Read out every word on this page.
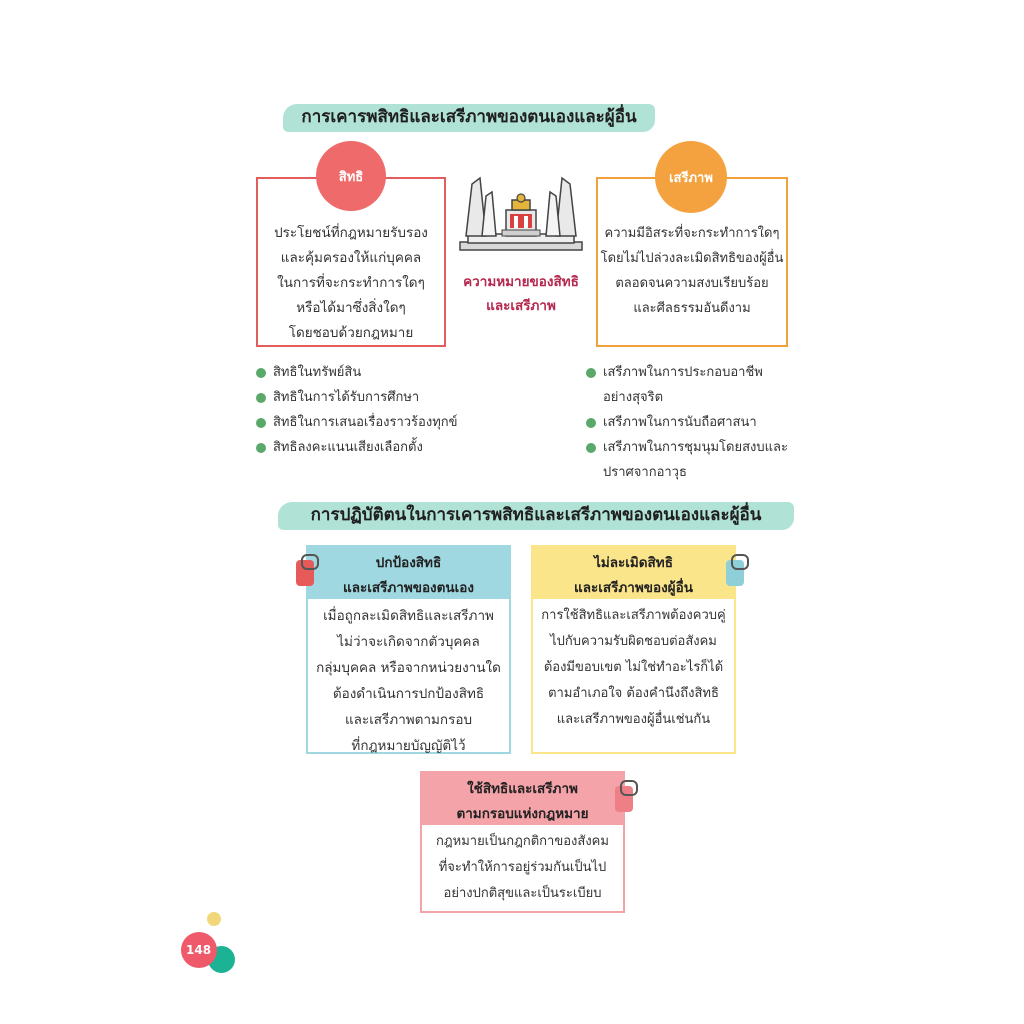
การเคารพสิทธิและเสรีภาพของตนเองและผู้อื่น
ประโยชน์ที่กฎหมายรับรอง
และคุ้มครองให้แก่บุคคล
ในการที่จะกระทำการใดๆ
หรือได้มาซึ่งสิ่งใดๆ
โดยชอบด้วยกฎหมาย
สิทธิ
ความหมายของสิทธิ
และเสรีภาพ
ความมีอิสระที่จะกระทำการใดๆ
โดยไม่ไปล่วงละเมิดสิทธิของผู้อื่น
ตลอดจนความสงบเรียบร้อย
และศีลธรรมอันดีงาม
เสรีภาพ
สิทธิในทรัพย์สิน
สิทธิในการได้รับการศึกษา
สิทธิในการเสนอเรื่องราวร้องทุกข์
สิทธิลงคะแนนเสียงเลือกตั้ง
เสรีภาพในการประกอบอาชีพ
อย่างสุจริต
เสรีภาพในการนับถือศาสนา
เสรีภาพในการชุมนุมโดยสงบและ
ปราศจากอาวุธ
การปฏิบัติตนในการเคารพสิทธิและเสรีภาพของตนเองและผู้อื่น
ปกป้องสิทธิ
และเสรีภาพของตนเอง
เมื่อถูกละเมิดสิทธิและเสรีภาพ
ไม่ว่าจะเกิดจากตัวบุคคล
กลุ่มบุคคล หรือจากหน่วยงานใด
ต้องดำเนินการปกป้องสิทธิ
และเสรีภาพตามกรอบ
ที่กฎหมายบัญญัติไว้
ไม่ละเมิดสิทธิ
และเสรีภาพของผู้อื่น
การใช้สิทธิและเสรีภาพต้องควบคู่
ไปกับความรับผิดชอบต่อสังคม
ต้องมีขอบเขต ไม่ใช่ทำอะไรก็ได้
ตามอำเภอใจ ต้องคำนึงถึงสิทธิ
และเสรีภาพของผู้อื่นเช่นกัน
ใช้สิทธิและเสรีภาพ
ตามกรอบแห่งกฎหมาย
กฎหมายเป็นกฎกติกาของสังคม
ที่จะทำให้การอยู่ร่วมกันเป็นไป
อย่างปกติสุขและเป็นระเบียบ
148
